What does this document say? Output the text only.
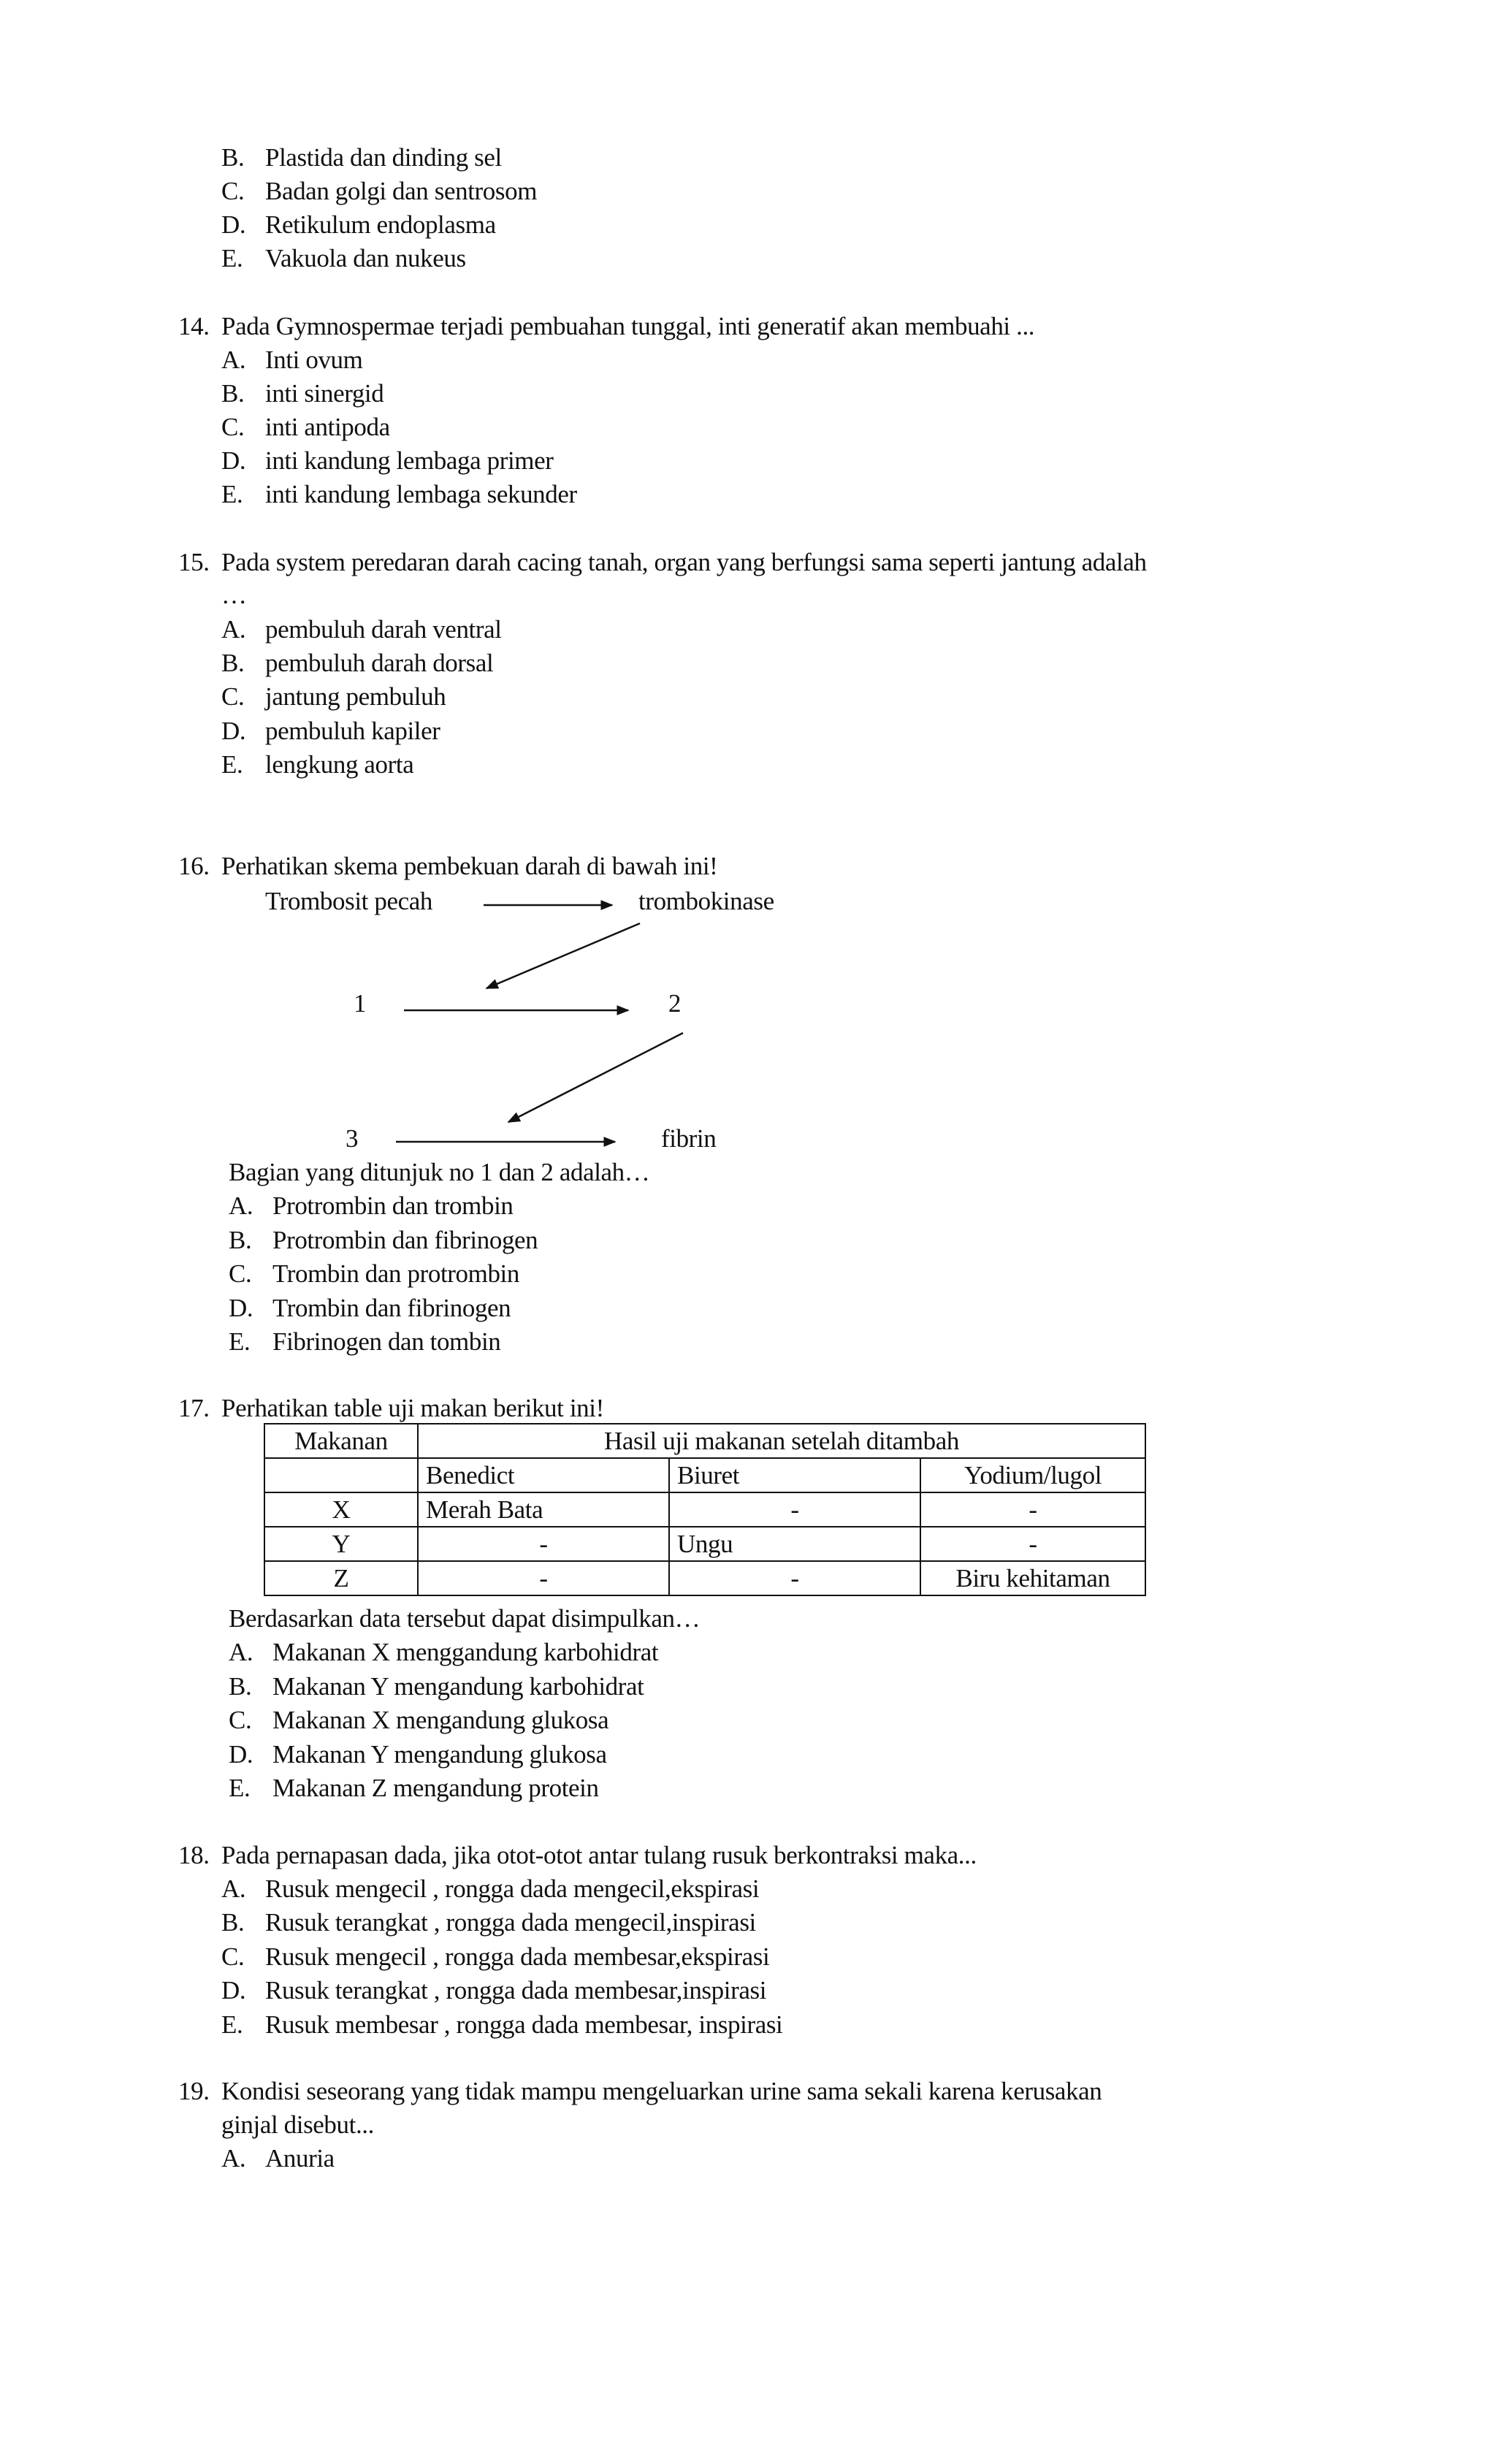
B. Plastida dan dinding sel
C. Badan golgi dan sentrosom
D. Retikulum endoplasma
E. Vakuola dan nukeus
14. Pada Gymnospermae terjadi pembuahan tunggal, inti generatif akan membuahi ...
A. Inti ovum
B. inti sinergid
C. inti antipoda
D. inti kandung lembaga primer
E. inti kandung lembaga sekunder
15. Pada system peredaran darah cacing tanah, organ yang berfungsi sama seperti jantung adalah
…
A. pembuluh darah ventral
B. pembuluh darah dorsal
C. jantung pembuluh
D. pembuluh kapiler
E. lengkung aorta
16. Perhatikan skema pembekuan darah di bawah ini!
Trombosit pecah	trombokinase
1	2
3	fibrin
Bagian yang ditunjuk no 1 dan 2 adalah…
A. Protrombin dan trombin
B. Protrombin dan fibrinogen
C. Trombin dan protrombin
D. Trombin dan fibrinogen
E. Fibrinogen dan tombin
17. Perhatikan table uji makan berikut ini!
Makanan	Hasil uji makanan setelah ditambah		
	Benedict	Biuret	Yodium/lugol
X	Merah Bata	-	-
Y	-	Ungu	-
Z	-	-	Biru kehitaman
Berdasarkan data tersebut dapat disimpulkan…
A. Makanan X menggandung karbohidrat
B. Makanan Y mengandung karbohidrat
C. Makanan X mengandung glukosa
D. Makanan Y mengandung glukosa
E. Makanan Z mengandung protein
18. Pada pernapasan dada, jika otot-otot antar tulang rusuk berkontraksi maka...
A. Rusuk mengecil , rongga dada mengecil,ekspirasi
B. Rusuk terangkat , rongga dada mengecil,inspirasi
C. Rusuk mengecil , rongga dada membesar,ekspirasi
D. Rusuk terangkat , rongga dada membesar,inspirasi
E. Rusuk membesar , rongga dada membesar, inspirasi
19. Kondisi seseorang yang tidak mampu mengeluarkan urine sama sekali karena kerusakan
ginjal disebut...
A. Anuria
